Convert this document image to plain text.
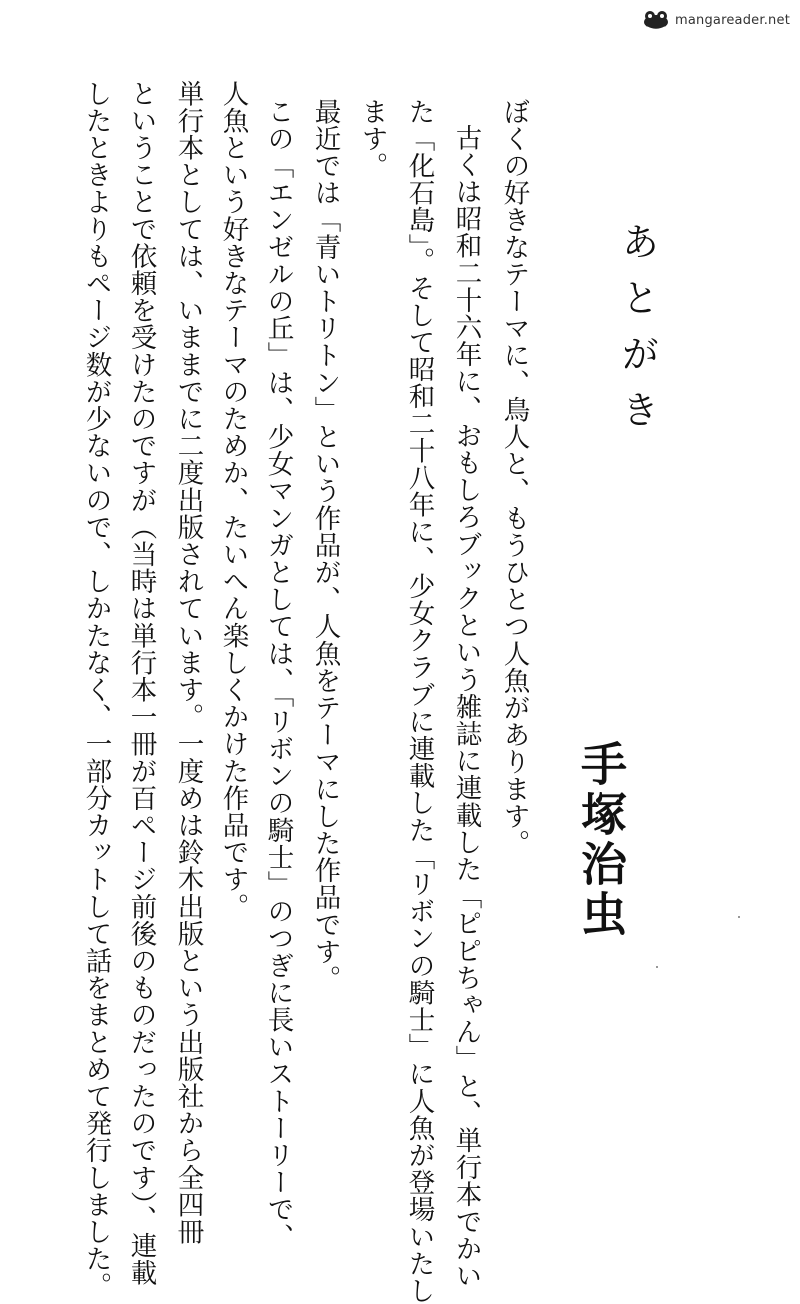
mangareader.net
ぼくの好きなテーマに、鳥人と、もうひとつ人魚があります。
古くは昭和二十六年に、おもしろブックという雑誌に連載した「ピピちゃん」と、単行本でかい
た「化石島」。そして昭和二十八年に、少女クラブに連載した「リボンの騎士」に人魚が登場いたし
ます。
最近では「青いトリトン」という作品が、人魚をテーマにした作品です。
この「エンゼルの丘」は、少女マンガとしては、「リボンの騎士」のつぎに長いストーリーで、
人魚という好きなテーマのためか、たいへん楽しくかけた作品です。
単行本としては、いままでに二度出版されています。一度めは鈴木出版という出版社から全四冊
ということで依頼を受けたのですが（当時は単行本一冊が百ページ前後のものだったのです）、連載
したときよりもページ数が少ないので、しかたなく、一部分カットして話をまとめて発行しました。	あとがき
手塚治虫
